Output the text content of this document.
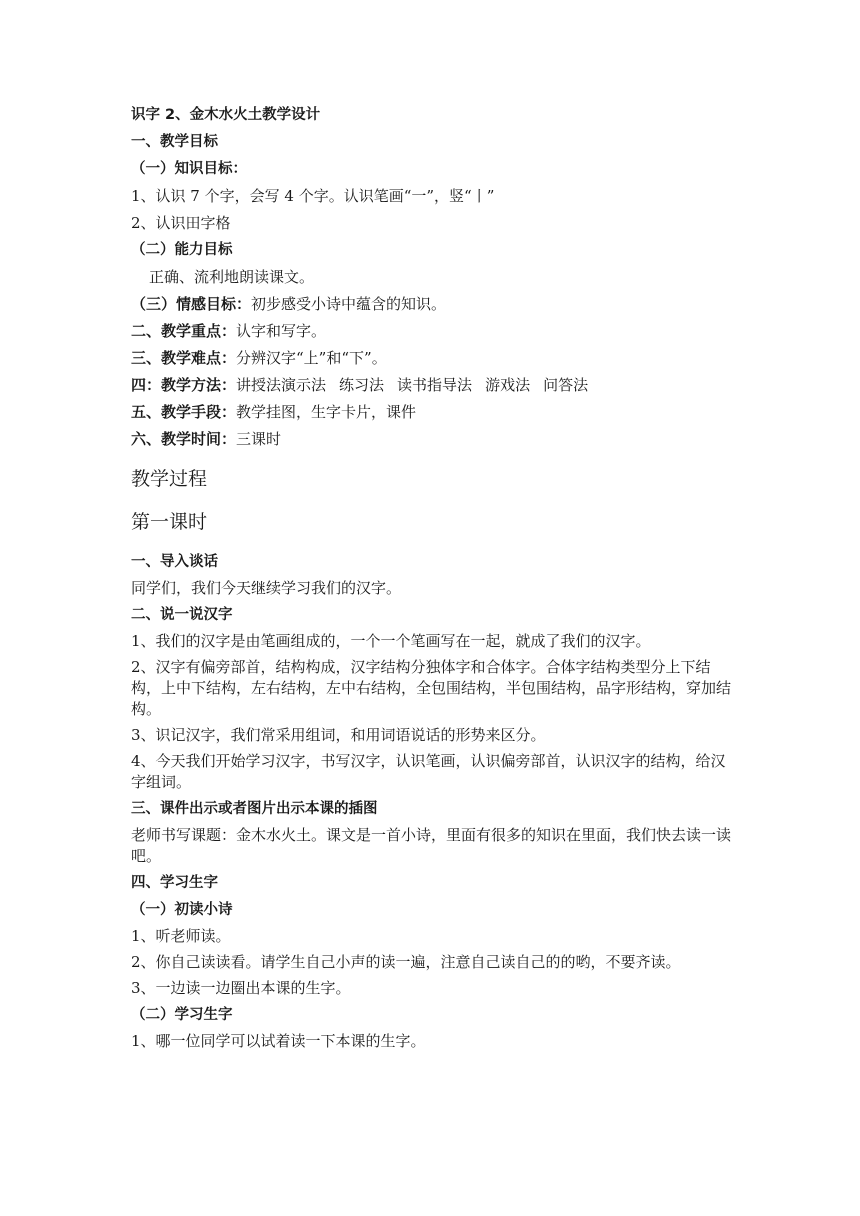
识字 2、金木水火土教学设计
一、教学目标
（一）知识目标：
1、认识 7 个字，会写 4 个字。认识笔画“一”，竖“丨”
2、认识田字格
（二）能力目标
正确、流利地朗读课文。
（三）情感目标：初步感受小诗中蕴含的知识。
二、教学重点：认字和写字。
三、教学难点：分辨汉字“上”和“下”。
四：教学方法：讲授法演示法 练习法 读书指导法 游戏法 问答法
五、教学手段：教学挂图，生字卡片，课件
六、教学时间：三课时
教学过程
第一课时
一、导入谈话
同学们，我们今天继续学习我们的汉字。
二、说一说汉字
1、我们的汉字是由笔画组成的，一个一个笔画写在一起，就成了我们的汉字。
2、汉字有偏旁部首，结构构成，汉字结构分独体字和合体字。合体字结构类型分上下结构，上中下结构，左右结构，左中右结构，全包围结构，半包围结构，品字形结构，穿加结构。
3、识记汉字，我们常采用组词，和用词语说话的形势来区分。
4、今天我们开始学习汉字，书写汉字，认识笔画，认识偏旁部首，认识汉字的结构，给汉字组词。
三、课件出示或者图片出示本课的插图
老师书写课题：金木水火土。课文是一首小诗，里面有很多的知识在里面，我们快去读一读吧。
四、学习生字
（一）初读小诗
1、听老师读。
2、你自己读读看。请学生自己小声的读一遍，注意自己读自己的的哟，不要齐读。
3、一边读一边圈出本课的生字。
（二）学习生字
1、哪一位同学可以试着读一下本课的生字。
